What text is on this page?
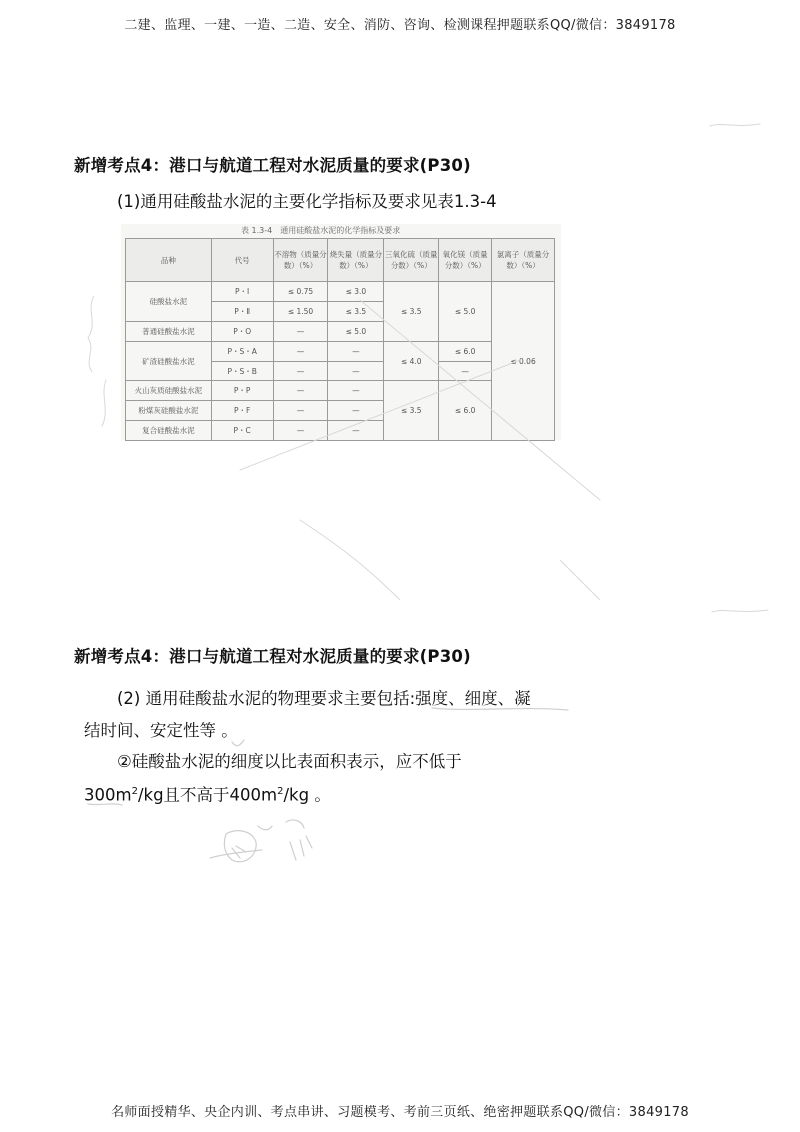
二建、监理、一建、一造、二造、安全、消防、咨询、检测课程押题联系QQ/微信：3849178
新增考点4：港口与航道工程对水泥质量的要求(P30)
(1)通用硅酸盐水泥的主要化学指标及要求见表1.3-4
表 1.3-4　通用硅酸盐水泥的化学指标及要求
品种	代号	不溶物（质量分数）（%）	烧失量（质量分数）（%）	三氧化硫（质量分数）（%）	氧化镁（质量分数）（%）	氯离子（质量分数）（%）
硅酸盐水泥	P・Ⅰ	≤ 0.75	≤ 3.0	≤ 3.5	≤ 5.0	≤ 0.06
	P・Ⅱ	≤ 1.50	≤ 3.5			
普通硅酸盐水泥	P・O	—	≤ 5.0			
矿渣硅酸盐水泥	P・S・A	—	—	≤ 4.0	≤ 6.0	
	P・S・B	—	—		—	
火山灰质硅酸盐水泥	P・P	—	—	≤ 3.5	≤ 6.0	
粉煤灰硅酸盐水泥	P・F	—	—			
复合硅酸盐水泥	P・C	—	—			
新增考点4：港口与航道工程对水泥质量的要求(P30)
(2) 通用硅酸盐水泥的物理要求主要包括:强度、细度、凝
结时间、安定性等 。
②硅酸盐水泥的细度以比表面积表示，应不低于
$300m^2/kg$且不高于$400m^2/kg$ 。
名师面授精华、央企内训、考点串讲、习题模考、考前三页纸、绝密押题联系QQ/微信：3849178
